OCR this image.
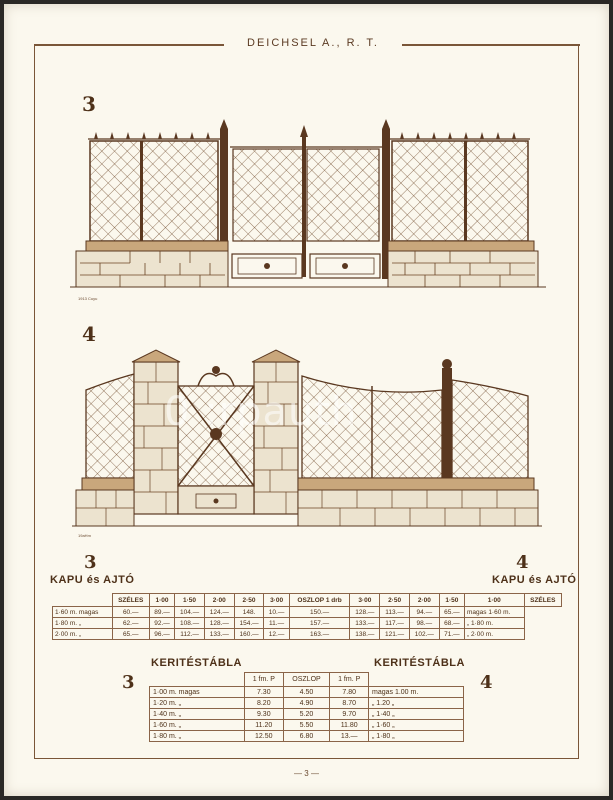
DEICHSEL A., R. T.
3
1913 Cuyu
4
19aHm
0 :rpauth
3	4
KAPU és AJTÓ	KAPU és AJTÓ
	SZÉLES	1·00	1·50	2·00	2·50	3·00	OSZLOP 1 drb	3·00	2·50	2·00	1·50	1·00	SZÉLES
1·60 m. magas	60.—	89.—	104.—	124.—	148.	10.—	150.—	128.—	113.—	94.—	65.—	magas 1·60 m.	
1·80 m. „	62.—	92.—	108.—	128.—	154.—	11.—	157.—	133.—	117.—	98.—	68.—	„ 1·80 m.	
2·00 m. „	65.—	96.—	112.—	133.—	160.—	12.—	163.—	138.—	121.—	102.—	71.—	„ 2·00 m.	
3	4
KERITÉSTÁBLA	KERITÉSTÁBLA
	1 fm. P	OSZLOP	1 fm. P	
1·00 m. magas	7.30	4.50	7.80	magas 1.00 m.
1·20 m. „	8.20	4.90	8.70	„ 1.20 „
1·40 m. „	9.30	5.20	9.70	„ 1·40 „
1·60 m. „	11.20	5.50	11.80	„ 1·60 „
1·80 m. „	12.50	6.80	13.—	„ 1·80 „
— 3 —
